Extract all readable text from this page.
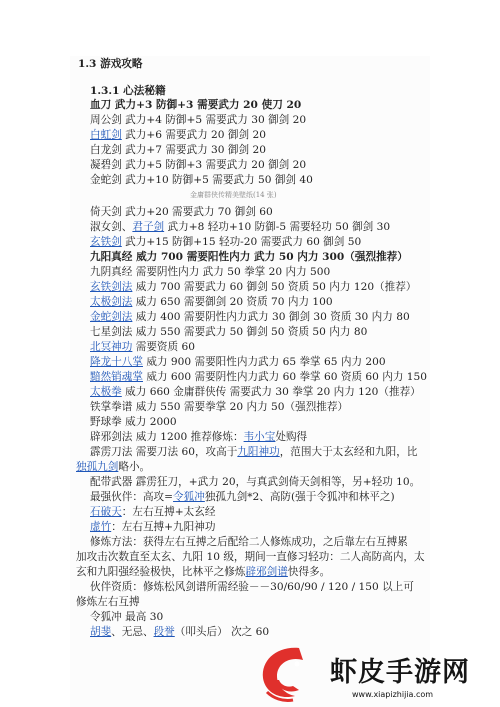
1.3 游戏攻略
1.3.1 心法秘籍
血刀 武力+3 防御+3 需要武力 20 使刀 20
周公剑 武力+4 防御+5 需要武力 30 御剑 20
白虹剑 武力+6 需要武力 20 御剑 20
白龙剑 武力+7 需要武力 30 御剑 20
凝碧剑 武力+5 防御+3 需要武力 20 御剑 20
金蛇剑 武力+10 防御+5 需要武力 50 御剑 40
金庸群侠传精美壁纸(14 张)
倚天剑 武力+20 需要武力 70 御剑 60
淑女剑、君子剑 武力+8 轻功+10 防御-5 需要轻功 50 御剑 30
玄铁剑 武力+15 防御+15 轻功-20 需要武力 60 御剑 50
九阳真经 威力 700 需要阳性内力 武力 50 内力 300（强烈推荐）
九阴真经 需要阴性内力 武力 50 拳掌 20 内力 500
玄铁剑法 威力 700 需要武力 60 御剑 50 资质 50 内力 120（推荐）
太极剑法 威力 650 需要御剑 20 资质 70 内力 100
金蛇剑法 威力 400 需要阴性内力武力 30 御剑 30 资质 30 内力 80
七星剑法 威力 550 需要武力 50 御剑 50 资质 50 内力 80
北冥神功 需要资质 60
降龙十八掌 威力 900 需要阳性内力武力 65 拳掌 65 内力 200
黯然销魂掌 威力 600 需要阴性内力武力 60 拳掌 60 资质 60 内力 150
太极拳 威力 660 金庸群侠传 需要武力 30 拳掌 20 内力 120（推荐）
铁掌拳谱 威力 550 需要拳掌 20 内力 50（强烈推荐）
野球拳 威力 2000
辟邪剑法 威力 1200 推荐修炼：韦小宝处购得
霹雳刀法 需要刀法 60，攻高于九阳神功，范围大于太玄经和九阳，比
独孤九剑略小。
配带武器 霹雳狂刀，+武力 20，与真武剑倚天剑相等，另+轻功 10。
最强伙伴：高攻=令狐冲独孤九剑*2、高防(强于令狐冲和林平之)
石破天：左右互搏+太玄经
虚竹：左右互搏+九阳神功
修炼方法：获得左右互搏之后配给二人修炼成功，之后靠左右互搏累
加攻击次数直至太玄、九阳 10 级，期间一直修习轻功：二人高防高内，太
玄和九阳强经验极快，比林平之修炼辟邪剑谱快得多。
伙伴资质：修炼松风剑谱所需经验－－30/60/90 / 120 / 150 以上可
修炼左右互搏
令狐冲 最高 30
胡斐、无忌、段誉（叩头后） 次之 60
虾皮手游网
www.xiapizhijia.com
